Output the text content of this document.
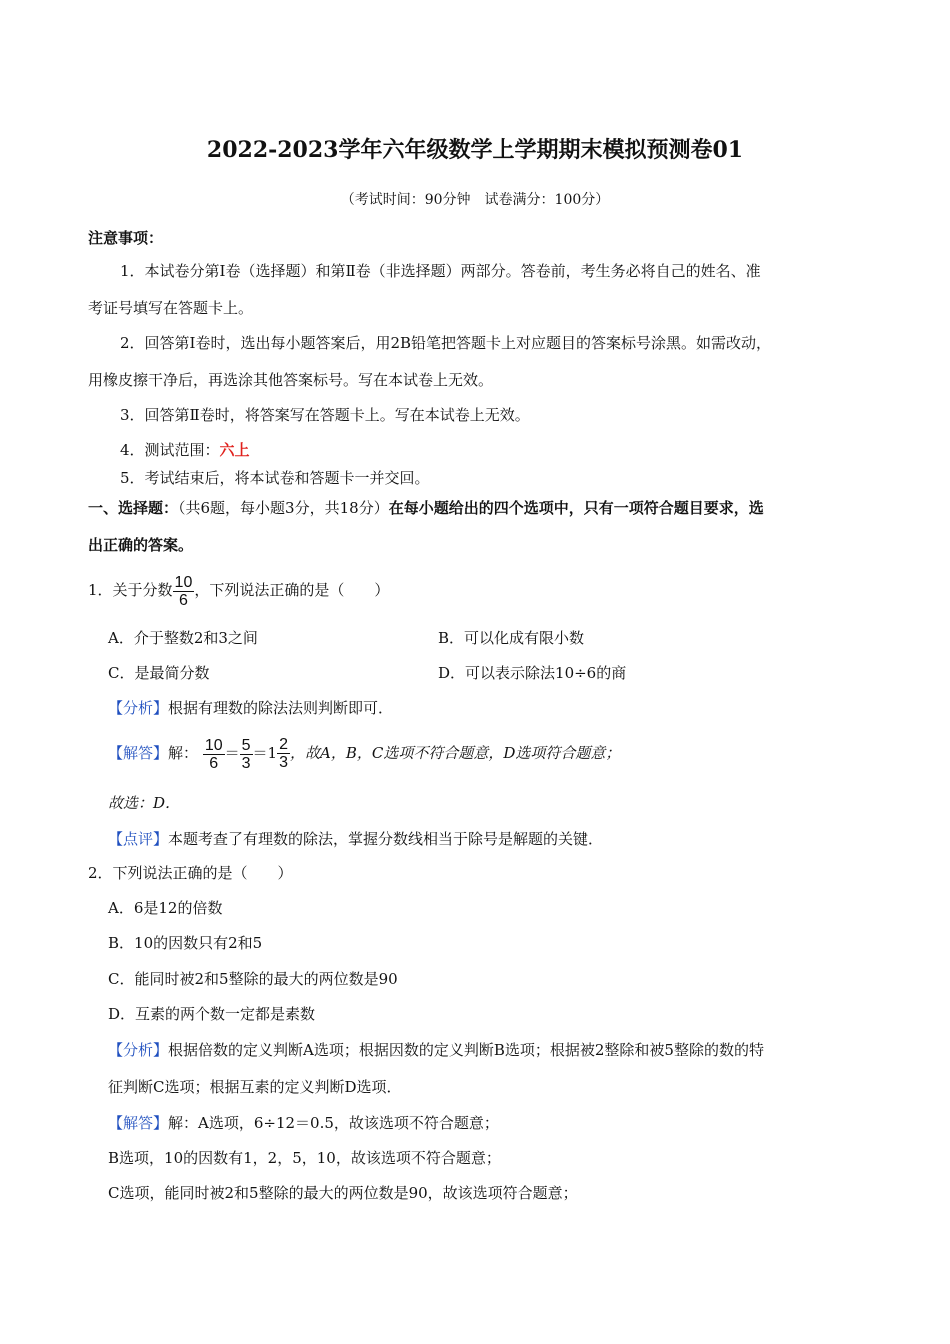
2022-2023学年六年级数学上学期期末模拟预测卷01
（考试时间：90分钟　试卷满分：100分）
注意事项：
1．本试卷分第Ⅰ卷（选择题）和第Ⅱ卷（非选择题）两部分。答卷前，考生务必将自己的姓名、准
考证号填写在答题卡上。
2．回答第Ⅰ卷时，选出每小题答案后，用2B铅笔把答题卡上对应题目的答案标号涂黑。如需改动，
用橡皮擦干净后，再选涂其他答案标号。写在本试卷上无效。
3．回答第Ⅱ卷时，将答案写在答题卡上。写在本试卷上无效。
4．测试范围：六上
5．考试结束后，将本试卷和答题卡一并交回。
一、选择题：（共6题，每小题3分，共18分）在每小题给出的四个选项中，只有一项符合题目要求，选
出正确的答案。
1．关于分数 $\frac{10}{6}$ ，下列说法正确的是（　　）
A．介于整数2和3之间	B．可以化成有限小数
C．是最简分数	D．可以表示除法10÷6的商
【分析】根据有理数的除法法则判断即可．
【解答】解： $\frac{10}{6} = \frac{5}{3} = 1 \frac{2}{3}$ ，故A，B，C选项不符合题意，D选项符合题意；
故选：D．
【点评】本题考查了有理数的除法，掌握分数线相当于除号是解题的关键．
2．下列说法正确的是（　　）
A．6是12的倍数
B．10的因数只有2和5
C．能同时被2和5整除的最大的两位数是90
D．互素的两个数一定都是素数
【分析】根据倍数的定义判断A选项；根据因数的定义判断B选项；根据被2整除和被5整除的数的特
征判断C选项；根据互素的定义判断D选项．
【解答】解：A选项，6÷12＝0.5，故该选项不符合题意；
B选项，10的因数有1，2，5，10，故该选项不符合题意；
C选项，能同时被2和5整除的最大的两位数是90，故该选项符合题意；
